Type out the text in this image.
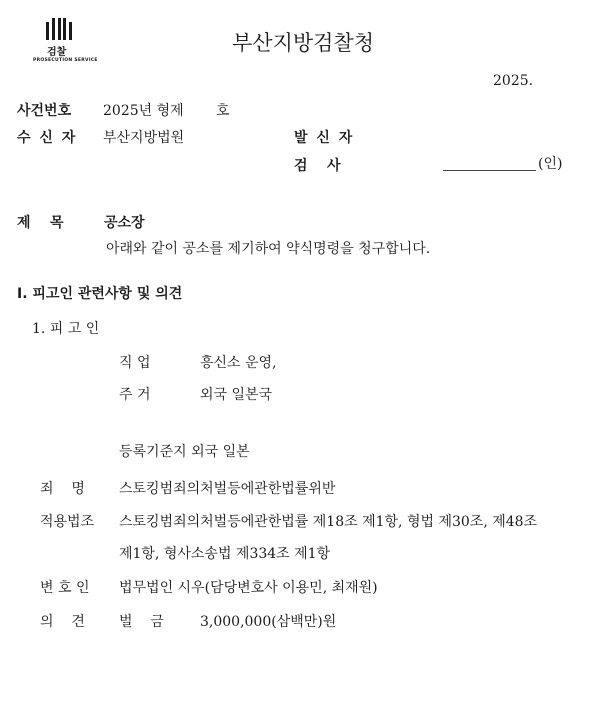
검찰
PROSECUTION SERVICE
부산지방검찰청
2025.
사건번호 2025년 형제 호
수 신 자 부산지방법원	발 신 자
검    사	(인)
제    목	공소장
아래와 같이 공소를 제기하여 약식명령을 청구합니다.
I. 피고인 관련사항 및 의견
1. 피 고 인
직 업	흥신소 운영,
주 거	외국 일본국
등록기준지 외국 일본
죄    명 스토킹범죄의처벌등에관한법률위반
적용법조 스토킹범죄의처벌등에관한법률 제18조 제1항, 형법 제30조, 제48조
제1항, 형사소송법 제334조 제1항
변 호 인 법무법인 시우(담당변호사 이용민, 최재원)
의    견 벌    금	3,000,000(삼백만)원
